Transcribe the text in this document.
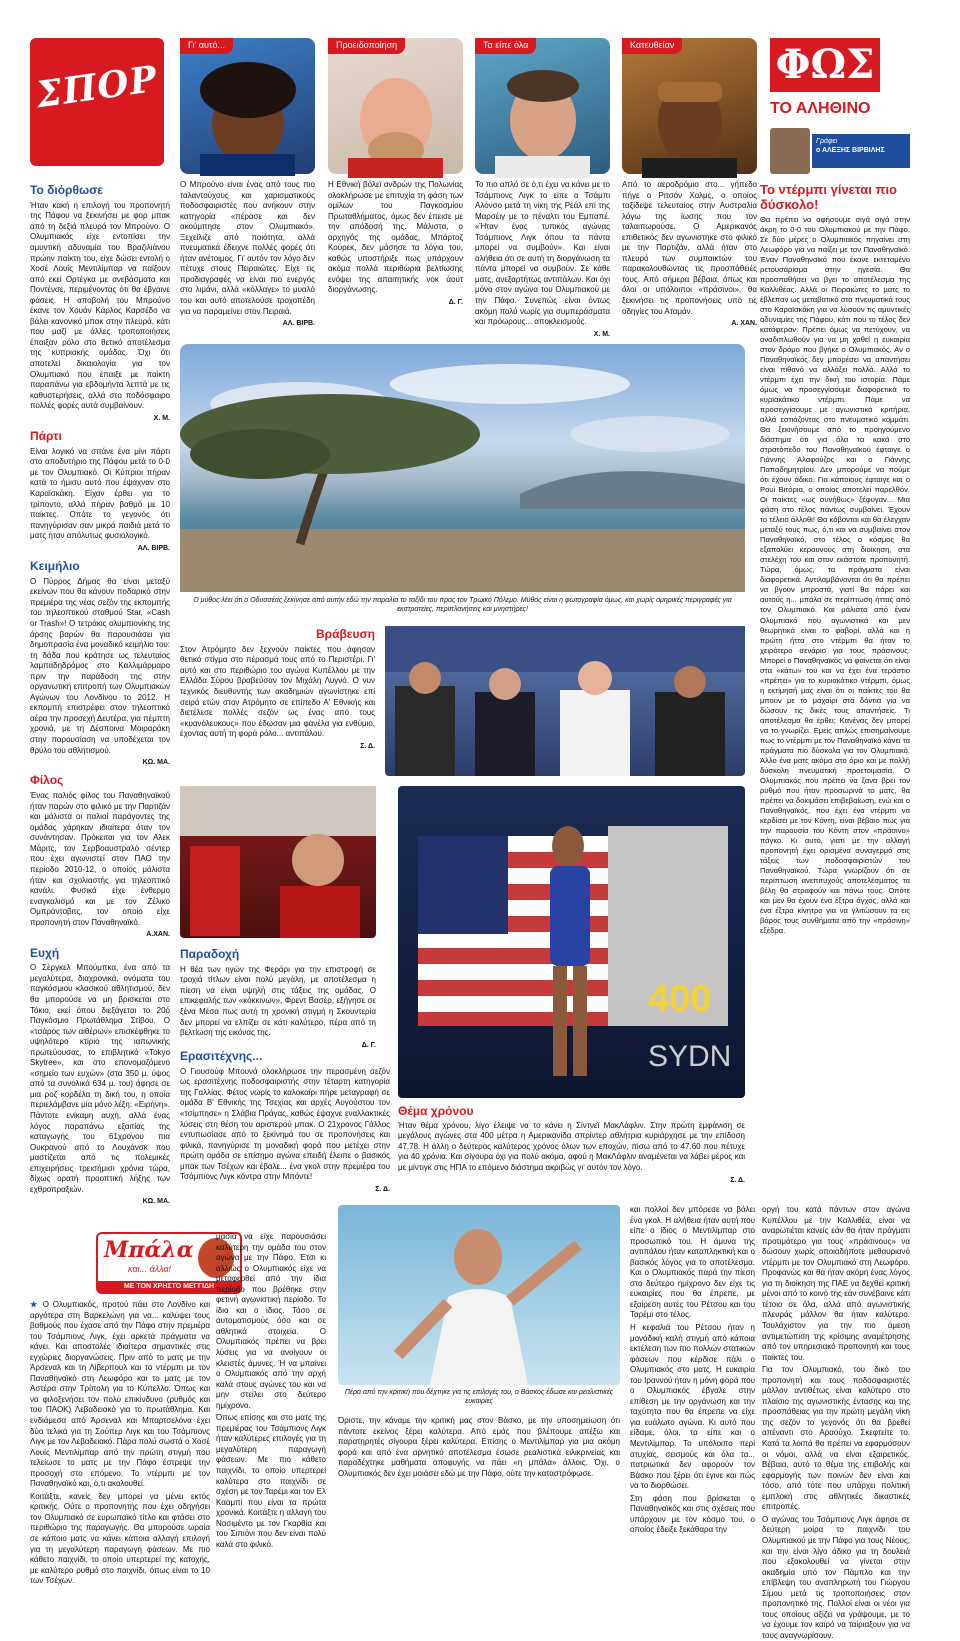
ΣΠΟΡ
Γι' αυτό...	Προειδοποίηση	Τα είπε όλα	Κατευθείαν	ΦΩΣ
ΤΟ ΑΛΗΘΙΝΟ
Γράφει
ο ΑΛΕΞΗΣ ΒΙΡΒΙΛΗΣ

Ο Μπρούνο είναι ένας από τους πιο ταλαντούχους και χαρισματικούς ποδοσφαιριστές που ανήκουν στην κατηγορία «πέρασε και δεν ακούμπησε στον Ολυμπιακό». Ξεχείλιζε από ποιότητα, αλλά πνευματικά έδειχνε πολλές φορές ότι ήταν ανέτοιμος. Γι' αυτόν τον λόγο δεν πέτυχε στους Πειραιώτες. Είχε τις προδιαγραφές να είναι πιο ενεργός στο λιμάνι, αλλά «κόλλαγε» το μυαλό του και αυτό αποτελούσε τροχοπέδη για να παραμείνει στον Πειραιά.

ΑΛ. ΒΙΡΒ.

Η Εθνική βόλεϊ ανδρών της Πολωνίας ολοκλήρωσε με επιτυχία τη φάση των ομίλων του Παγκοσμίου Πρωταθλήματος, όμως δεν έπεισε με την απόδοσή της. Μάλιστα, ο αρχηγός της ομάδας, Μπάρτοζ Κούρεκ, δεν μάσησε τα λόγια του, καθώς υποστήριξε πως υπάρχουν ακόμα πολλά περιθώρια βελτίωσης ενόψει της απαιτητικής νοκ άουτ διοργάνωσης.

Δ. Γ.

Το πιο απλό σε ό,τι έχει να κάνει με το Τσάμπιονς Λιγκ το είπε ο Τσάμπι Αλόνσο μετά τη νίκη της Ρεάλ επί της Μαρσέιγ με το πέναλτι του Εμπαπέ. «Ήταν ένας τυπικός αγώνας Τσάμπιονς Λιγκ όπου τα πάντα μπορεί να συμβούν». Και είναι αλήθεια ότι σε αυτή τη διοργάνωση τα πάντα μπορεί να συμβούν. Σε κάθε ματς, ανεξαρτήτως αντιπάλων. Και όχι μόνο στον αγώνα του Ολυμπιακού με την Πάφο. Συνεπώς είναι όντως ακόμη πολύ νωρίς για συμπεράσματα και πρόωρους... αποκλεισμούς.

Χ. Μ.

Από το αεροδρόμιο στο... γήπεδο πήγε ο Ριτσόν Χολμς, ο οποίος ταξίδεψε τελευταίος στην Αυστραλία λόγω της ίωσης που τον ταλαιπωρούσε. Ο Αμερικανός επιθετικός δεν αγωνιστηκε στο φιλικό με την Παρτιζάν, αλλά ήταν στο πλευρό των συμπαικτών του παρακολουθώντας τις προσπάθειές τους. Από σήμερα βέβαια, όπως και όλοι οι υπόλοιποι «πράσινοι», θα ξεκινήσει τις προπονήσεις υπό τις οδηγίες του Αταμάν.

Α. ΧΑΝ.
Το διόρθωσε

Ήταν κακή η επιλογή του προπονητή της Πάφου να ξεκινήσει με φορ μπακ από τη δεξιά πλευρά τον Μπρούνο. Ο Ολυμπιακός είχε εντοπίσει την αμυντική αδυναμία του Βραζιλιάνου πρώην παίκτη του, είχε δώσει εντολή ο Χοσέ Λουίς Μεντιλίμπαρ να παίξουν από εκεί Ορτέγκα με ανεβάσματα και Ποντένσε, περιμένοντας ότι θα έβγαινε φάσεις. Η αποβολή του Μπρούνο έκανε τον Χουάν Κάρλος Καρσέδο να βάλει κανονικό μπακ στην πλευρά, κάτι που μαζί με άλλες τροποποιήσεις έπαιξαν ρόλο στο θετικό αποτέλεσμα της κυπριακής ομάδας. Όχι ότι αποτελεί δικαιολογία για τον Ολυμπιακό που έπαιξε με παίκτη παραπάνω για εβδομήντα λεπτά με τις καθυστερήσεις, αλλά στο ποδόσφαιρο πολλές φορές αυτά συμβαίνουν.

Χ. Μ.
Πάρτι

Είναι λογικό να σπάνε ένα μίνι πάρτι στο αποδυτήριο της Πάφου μετά το 0-0 με τον Ολυμπιακό. Οι Κύπριοι πήραν κατά το ήμισυ αυτό που έψαχναν στο Καραϊσκάκη. Είχαν έρθει για το τρίποντο, αλλά πήραν βαθμό με 10 παίκτες. Οπότε το γεγονός ότι πανηγύρισαν σαν μικρά παιδιά μετά το ματς ήταν απόλυτως φυσιολογικό.

ΑΛ. ΒΙΡΒ.
Κειμήλιο

Ο Πύρρος Δήμας θα είναι μεταξύ εκείνων που θα κάνουν ποδαρικό στην πρεμιέρα της νέας σεζόν της εκπομπής του τηλεοπτικού σταθμού Star, «Cash or Trash»! Ο τετράκις ολυμπιονίκης της άρσης βαρών θα παρουσιάσει για δημοπρασία ένα μοναδικό κειμήλιο του: τη δάδα που κράτησε ως τελευταίος λαμπαδηδρόμος στο Καλλιμάρμαρο πριν την παράδοση της στην οργανωτική επιτροπή των Ολυμπιακών Αγώνων του Λονδίνου το 2012. Η εκπομπή επιστρέφει στον τηλεοπτικό αέρα την προσεχή Δευτέρα, για πέμπτη χρονιά, με τη Δέσποινα Μοιραράκη στην παρουσίαση να υποδέχεται τον θρύλο του αθλητισμού.

ΚΩ. ΜΑ.
Φίλος

Ένας παλιός φίλος του Παναθηναϊκού ήταν παρών στο φιλικό με την Παρτιζάν και μάλιστα οι παλιοί παράγοντες της ομάδας χάρηκαν ιδιαίτερα όταν τον συνάντησαν. Πρόκειται για τον Αλεκ Μάριτς, τον Σερβοαυστραλό σέντερ που έχει αγωνιστεί στον ΠΑΟ την περίοδο 2010-12, ο οποίος μάλιστα ήταν και σχολιαστής για τηλεοπτικό κανάλι. Φυσικά είχε ένθερμο εναγκαλισμό και με τον Ζέλικο Ομπράντοβιτς, τον οποίο είχε προπονητή στον Παναθηναϊκό.

Α.ΧΑΝ.
Ευχή

Ο Σέργκελ Μπούμπκα, ένα από τα μεγαλύτερα, διαχρονικά, ονόματα του παγκόσμιου κλασικού αθλητισμού, δεν θα μπορούσε να μη βρισκεται στο Τόκιο, εκεί όπου διεξάγεται το 20ό Παγκόσμιο Πρωτάθλημα Στίβου. Ο «τσάρος των αιθέρων» επισκέφθηκε το υψηλότερο κτίριο της ιαπωνικής πρωτεύουσας, το επιβλητικό «Tokyo Skytree», και στο επονομαζόμενο «σημείο των ευχών» (στα 350 μ. ύψος από τα συνολικά 634 μ. του) άφησε σε μια ροζ κορδέλα τη δική του, η οποία περιελάμβανε μία μόνο λέξη: «Ειρήνη». Πάντοτε ενίκαμη αυχή, αλλά ένας λόγος παραπάνω εξαιτίας της καταγωγής του 61χρονου πια Ουκρανού από το Λουχάνσκ που μαστίζεται από τις πολεμικές επιχειρήσεις τρεισήμισι χρόνια τώρα, δίχως ορατή προοπτική λήξης των εχθροπραξιών.

ΚΩ. ΜΑ.
Ο μύθος λέει ότι ο Οδυσσέας ξεκίνησε από αυτήν εδώ την παραλία το ταξίδι του προς τον Τρωικό Πόλεμο. Μύθος είναι η φωτογραφία όμως, και χωρίς ομηρικές περιγραφές για εκστρατείες, περιπλανήσεις και μνηστήρες!
Βράβευση

Στον Ατρόμητο δεν ξεχνούν παίκτες που άφησαν θετικό στίγμα στο πέρασμά τους από το Περιστέρι. Γι' αυτό και στο περιθώριο του αγώνα Κυπέλλου με την Ελλάδα Σύρου βραβεύσαν τον Μιχάλη Λυγνό. Ο νυν τεχνικός διευθυντής των ακαδημιών αγωνίστηκε επί σειρά ετών στον Ατρόμητο σε επίπεδο Α' Εθνικής και διετέλεσε πολλές σεζόν ως ένας από τους «κυανόλευκους» που έδωσαν μια φανέλα για ενθύμιο, έχοντας αυτή τη φορά ρόλο... αντιπάλου.

Σ. Δ.
Παραδοχή

Η θέα των ηγών της Φεράρι για την επιστροφή σε τροχιά τίτλων είναι πολύ μεγάλη, με αποτέλεσμα η πίεση να είναι υψηλή στις τάξεις της ομάδας. Ο επικεφαλής των «κόκκινων», Φρεντ Βασέρ, εξήγησε σε ξένα Μέσα πως αυτή τη χρονική στιγμή η Σκουντερία δεν μπορεί να ελπίζει σε κάτι καλύτερο, πέρα από τη βελτίωση της εικόνας της.

Δ. Γ.
400
SYDN
Ερασιτέχνης...

Ο Γιουσούφ Μπουνά ολοκλήρωσε την περασμένη σεζόν ως ερασιτέχνης ποδοσφαιριστής στην τέταρτη κατηγορία της Γαλλίας. Φέτος νωρίς το καλοκαίρι πήρε μεταγραφή σε ομάδα Β' Εθνικής της Τσεχίας και αρχές Αυγούστου τον «τσίμπησε» η Σλάβια Πράγας, καθώς έψαχνε εναλλακτικές λύσεις στη θέση του αριστερού μπακ. Ο 21χρονος Γάλλος εντυπωσίασε από το ξεκίνημά του σε προπονήσεις και φιλικά, πανηγύρισε τη μοναδική φορά που μετέχει στην πρώτη ομάδα σε επίσημο αγώνα επειδή έλειπε ο βασικός μπακ των Τσέχων και έβαλε... ένα γκολ στην πρεμιέρα του Τσάμπιονς Λιγκ κόντρα στην Μπόντε!

Σ. Δ.
Θέμα χρόνου

Ήταν θέμα χρόνου, λίγο έλειψε να το κάνει η Σίντνεϊ ΜακΛάφλιν. Στην πρώτη εμφάνιση σε μεγάλους αγώνες στα 400 μέτρα η Αμερικανίδα σπρίντερ αθλήτρια κυριάρχησε με την επίδοση 47.78. Η άλλη ο δεύτερος καλύτερος χρόνος όλων των εποχών, πίσω από το 47.60 που πέτυχε για 40 χρόνια. Και σίγουρα όχι για πολύ ακόμα, αφού η ΜακΛάφλιν αναμένεται να λάβει μέρος και με μίντιγκ στις ΗΠΑ το επόμενο διάστημα ακριβώς γι' αυτόν τον λόγο.

Σ. Δ.
Το ντέρμπι γίνεται πιο δύσκολο!

Θα πρέπει να αφήσουμε σιγά σιγά στην άκρη το 0-0 του Ολυμπιακού με την Πάφο. Σε δύο μέρες ο Ολυμπιακός πηγαίνει στη Λεωφόρο για να παίξει με τον Παναθηναϊκό. Έναν Παναθηναϊκό που έκανε εκτεταμένο ρετουσάρισμα στην ηγεσία. Θα προσπαθήσει να βγει το αποτέλεσμα της Καλλιθέας. Αλλά οι Πειραιώτες το ματς το έβλεπαν ως μεταβατικό στα πνευματικά τους στο Καραϊσκάκη για να λύσουν τις αμυντικές αδυναμίες της Πάφου, κάτι που το τέλος δεν κατάφεραν. Πρέπει όμως να πετύχουν, να αναδιπλωθούν για να μη χαθεί η ευκαιρία στον δρόμο που βγήκε ο Ολυμπιακός. Αν ο Παναθηναϊκός δεν μπορέσει να απαντήσει είναι πιθανό να αλλάξει πολλά. Αλλά το ντέρμπι έχει την δική του ιστορία. Πάμε όμως να προσεγγίσουμε διαφορετικά το κυριακάτικο ντέρμπι. Πάμε να προσεγγίσουμε με αγωνιστικά κριτήρια, αλλά εστιάζοντας στο πνευματικό κομμάτι. Θα ξεκινήσουμε από το προηγούμενο διάστημα ότι για όλα τα κακά στο στρατόπεδο του Παναθηναϊκού έφταιγε ο Γιάννης Αλαφούζος και ο Γιάννης Παπαδημητρίου. Δεν μπορούμε να πούμε ότι έχουν άδικο. Για κάποιους έφταιγε και ο Ρουί Βιτόρια, ο οποίος αποτελεί παρελθόν. Οι παίκτες «ως συνήθως» ξέφυγαν... Μια φάση στο τέλος πάντως συμβαίνει. Έχουν το τέλειο άλλοθι! Θα κόβονται και θα έλεγχαν μεταξύ τους πως, ό,τι και να συμβαίνει στον Παναθηναϊκό, στο τέλος ο κόσμος θα εξαπολύει κεραυνούς στη διοίκηση, στα στελέχη του και στον εκάστοτε προπονητή. Τώρα, όμως, τα πράγματα είναι διαφορετικά. Αντιλαμβάνονται ότι θα πρέπει να βγουν μπροστά, γιατί θα πάρει και αυτούς η... μπάλα σε περίπτωση ήττας από τον Ολυμπιακό. Και μάλιστα από έναν Ολυμπιακό που αγωνιστικά και μεν θεωρητικά είναι το φαβορί, αλλά και η πρώτη ήττα στο ντέρμπι θα ήταν το χειρότερο σενάριο για τους πράσινους. Μπορεί ο Παναθηναϊκός να φαίνεται ότι είναι στα «κάτω» του και να έχει ένα τεράστιο «πρέπει» για το κυριακάτικο ντέρμπι, όμως η εκτίμησή μας είναι ότι οι παίκτες του θα μπουν με το μαχαίρι στα δόντια για να δώσουν τις δικές τους απαντήσεις. Τι αποτέλεσμα θα έρθει; Κανένας δεν μπορεί να το γνωρίζει. Εμείς απλώς επισημαίνουμε πως το ντέρμπι με τον Παναθηναϊκό κάνει τα πράγματα πιο δύσκολα για τον Ολυμπιακό. Άλλο ένα ματς ακόμα στο όριο και με πολλή δύσκολη πνευματική προετοιμασία. Ο Ολυμπιακός που πρέπει να ξανα βρει τον ρυθμό που ήταν προσωρινά το ματς, θα πρέπει να δοκιμάσει επιβεβαίωση, ενώ και ο Παναθηναϊκός, που έχει ένα ντέρμπι να κερδίσει με τον Κόντη, είναι βέβαιο πως για την παρουσία του Κόντη στον «πράσινο» πάγκο. Κι αυτό, γιατί με την αλλαγή προπονητή έχει ορισμένα συναγερμό στις τάξεις των ποδοσφαιριστών του Παναθηναϊκού. Τώρα γνωρίζουν ότι σε περίπτωση ανεπιτυχούς αποτελέσματος τα βέλη θα στραφούν και πάνω τους. Οπότε και μεν θα έχουν ένα έξτρα άγχος, αλλά και ένα έξτρα κίνητρο για να γλιτώσουν τα εις βάρος τους συνθήματα από την «πράσινη» εξέδρα.

Μπάλα
και... άλλα!
ΜΕ ΤΟΝ ΧΡΗΣΤΟ ΜΕΓΓΙΔΗ

★ Ο Ολυμπιακός, προτού πάει στο Λονδίνο και αργότερα στη Βαρκελώνη για να... καλύψει τους βαθμούς που έχασε από την Πάφο στην πρεμιέρα του Τσάμπιονς Λιγκ, έχει αρκετά πράγματα να κάνει. Και αποστολές ιδιαίτερα σημαντικές στις εγχώριες διοργανώσεις. Πριν από το ματς με την Άρσεναλ και τη Λίβερπουλ και το ντέρμπι με τον Παναθηναϊκό στη Λεωφόρο και το ματς με τον Αστέρα στην Τρίπολη για το Κύπελλο. Όπως και να φιλοξενήσει τον πολύ επικίνδυνο (ρυθμός και του ΠΑΟΚ) Λεβαδειακό για το πρωτάθλημα. Και ενδιάμεσα από Άρσεναλ και Μπαρτσελόνα έχει δύο τελικά για τη Σούπερ Λιγκ και του Τσάμπιονς Λιγκ με τον Λεβαδειακό. Πάρα πολύ σωστά ο Χοσέ Λουίς Μεντιλίμπαρ από την πρώτη στιγμή που τελείωσε το ματς με την Πάφο έστρεψε την προσοχή στο επόμενο. Το ντέρμπι με τον Παναθηναϊκό και, ό,τι ακολουθεί.

Κοιτάξτε, κανείς δεν μπορεί να μένει εκτός κριτικής. Ούτε ο προπονητής που έχει οδηγήσει τον Ολυμπιακό σε ευρωπαϊκό τίτλο και φτάσει στο περιθώριο της παραγωγής. Θα μπορούσε ωραία σε κάποιο ματς να κάνει κάποια αλλαγή επιλογή για τη μεγαλύτερη παραγωγή φάσεων. Με πιο κάθετο παιχνίδι, το οποίο υπερτερεί της κατοχής, με καλύτερο ρυθμό στο παιχνίδι, όπως είναι το 10 των Τσέχων.

μασία να είχε παρουσιάσει καλύτερη την ομάδα του στον αγώνα με την Πάφο. Έτσι κι αλλιώς ο Ολυμπιακός είχε να μεταφερθεί από την ίδια περίοδο που βρέθηκε στην φετινή αγωνιστική περίοδο. Το ίδιο και ο ίδιος. Τόσο σε αυτοματισμούς όσο και σε αθλητικά στοιχεία. Ο Ολυμπιακός πρέπει να βρει λύσεις για να ανοίγουν οι κλειστές άμυνες. Ή να μπαίνει ο Ολυμπιακός από την αρχή καλά στους αγώνες του και να μην στείλει στο δεύτερο ημίχρονο.

Όπως επίσης και στο ματς της πρεμιέρας του Τσάμπιονς Λιγκ ήταν καλύτερες επιλογές για τη μεγαλύτερη παραγωγή φάσεων. Με πιο κάθετο παιχνίδι, το οποίο υπερτερεί καλύτερα στο παιχνίδι σε σχέση με τον Ταρέμι και τον Ελ Κααμπί που είναι τα πρώτα χρονικά. Κοιτάξτε η αλλαγή του Νασιμέντο με τον Γκαρθία και του Σιπιόνι που δεν είναι πολύ καλά στο φιλικό.

Πέρα από την κριτική που δέχτηκε για τις επιλογές του, ο Βάσκος έδωσε και ρεαλιστικές ευκαιρίες

Όριστε, την κάναμε την κριτική μας στον Βάσκο, με την υποσημείωση ότι πάντοτε εκείνος ξέρει καλύτερα. Από εμάς που βλέπουμε απέξω και παρατηρητές σίγουρα ξέρει καλύτερα. Επίσης ο Μεντιλίμπαρ για μια ακόμη φορά και από ένα αρνητικό αποτέλεσμα έσωσε ρεαλιστικά ειλικρινείας και παραδέχτηκε μαθήματα αποφυγής να πάει «η μπάλα» άλλοις. Όχι, ο Ολυμπιακός δεν έχει μοιάσει εδώ με την Πάφο, ούτε την καταστρόφωσε.

και πολλοί δεν μπόρεσε να βάλει ένα γκολ. Η αλήθεια ήταν αυτή που είπε ο ίδιος ο Μεντιλίμπαρ στο προσωπικό του. Η άμυνα της αντιπάλου ήταν καταπληκτική και ο βασικός λόγος για το αποτέλεσμα. Και ο Ολυμπιακός παρά την πίεση στο δεύτερο ημίχρονο δεν είχε τις ευκαιρίες που θα έπρεπε, με εξαίρεση αυτές του Ρέτσου και του Ταρέμι στο τέλος.

Η κεφαλιά του Ρέτσου ήταν η μονάδική καλή στιγμή από κάποια εκτέλεση των πιο πολλών στατικών φάσεων που κέρδισε πάλι ο Ολυμπιακός στο ματς. Η ευκαιρία του Ιραννού ήταν η μόνη φορά που ο Ολυμπιακός έβγαλε στην επίθεση με την οργάνωση και την ταχύτητα που θα έπρεπε να είχε για ευάλωτο αγώνα. Κι αυτό που είδαμε, όλοι, τα είπε και ο Μεντιλίμπαρ. Το υπόλοιπο περί ατυχίας, σεισμούς και όλα τα... πατριωτικά δεν αφορούν τον Βάσκο που ξέρει ότι έγινε και πώς να το διορθώσει.

Στη φάση που βρίσκεται ο Παναθηναϊκός και στις σχέσεις που υπάρχουν με τον κόσμο του, ο οποίος έδειξε ξεκάθαρα την

οργή του κατά πάντων στον αγώνα Κυπέλλου με την Καλλιθέα, είναι να αναρωτιέται κανείς εάν θα ήταν πράγματι προτιμότερο για τους «πράσινους» να δώσουν χωρίς οποιαδήποτε μεθαυριανό ντέρμπι με τον Ολυμπιακό στη Λεωφόρο. Προφανώς και θα ήταν ακόμη ένας λόγος για τη διοίκηση της ΠΑΕ να δεχθεί κριτική μένοι από το κοινό της εάν συνέβαινε κάτι τέτοιο σε όλα, αλλά από αγωνιστικής πλευράς μάλλον θα ήταν καλύτερο. Τουλάχιστον για την πιο άμεση αντιμετώπιση της κρίσιμης αναμέτρησης από τον υπηρεσιακό προπονητή και τους παίκτες του.

Για τον Ολυμπιακό, του δικό του προπονητή και τους ποδοσφαιριστές μάλλον αντιθέτως είναι καλύτερο στο πλαίσιο της αγωνιστικής έντασης και της προσπάθειας για την πρώτη μεγάλη νίκη της σεζόν το γεγονός ότι θα βρεθεί απέναντι στο Αραούχο. Σκεφτείτε το. Κατά τα λοιπά θα πρέπει να εφαρμόσουν οι νόμοι, αλλά να είναι εξαιρετικός. Βέβαια, αυτό το θέμα της επιβολής και εφαρμογής των ποινών δεν είναι και τόσο, από τότε που υπάρχει πολιτική εμπλοκή στις αθλητικές δικαστικές επιτροπές.

Ο αγώνας του Τσάμπιονς Λιγκ άφησε σε δεύτερη μοίρα το παιχνίδι του Ολυμπιακού με την Πάφο για τους Νέους, και την είναι λίγο άδικο για τη δουλειά που εξακολουθεί να γίνεται στην ακαδημία υπό τον Πάμπλο και την επίβλεψη του αναπληρωτή του Γιώργου Σίμου μετά τις τροποποιήσεις στον προπονητικό της. Πολλοί είναι οι νέοι για τους οποίους αξίζει να γράψουμε, με το να έχουμε τον καιρό να ταίριαξουν για να τους αναγνωρίσουν.
